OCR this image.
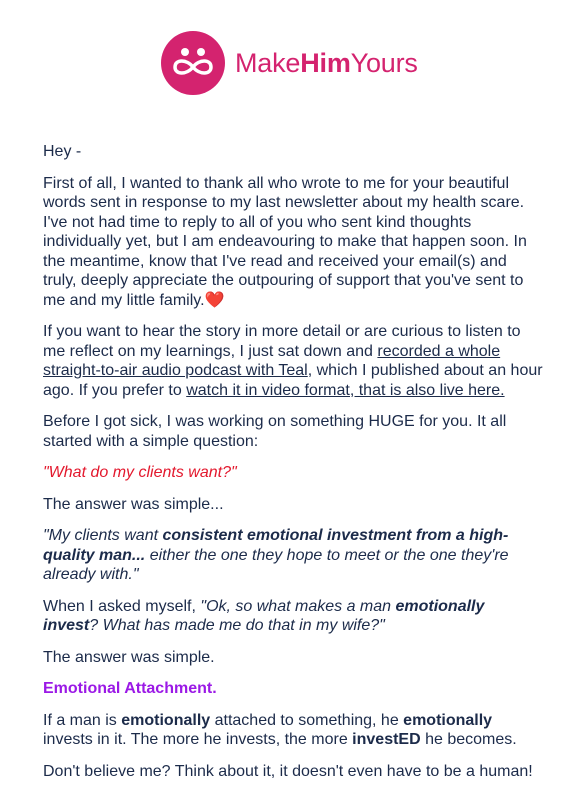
MakeHimYours

Hey -

First of all, I wanted to thank all who wrote to me for your beautiful words sent in response to my last newsletter about my health scare. I've not had time to reply to all of you who sent kind thoughts individually yet, but I am endeavouring to make that happen soon. In the meantime, know that I've read and received your email(s) and truly, deeply appreciate the outpouring of support that you've sent to me and my little family.❤️

If you want to hear the story in more detail or are curious to listen to me reflect on my learnings, I just sat down and recorded a whole straight-to-air audio podcast with Teal, which I published about an hour ago. If you prefer to watch it in video format, that is also live here.

Before I got sick, I was working on something HUGE for you. It all started with a simple question:

"What do my clients want?"

The answer was simple...

"My clients want consistent emotional investment from a high-quality man... either the one they hope to meet or the one they're already with."

When I asked myself, "Ok, so what makes a man emotionally invest? What has made me do that in my wife?"

The answer was simple.

Emotional Attachment.

If a man is emotionally attached to something, he emotionally invests in it. The more he invests, the more investED he becomes.

Don't believe me? Think about it, it doesn't even have to be a human!
